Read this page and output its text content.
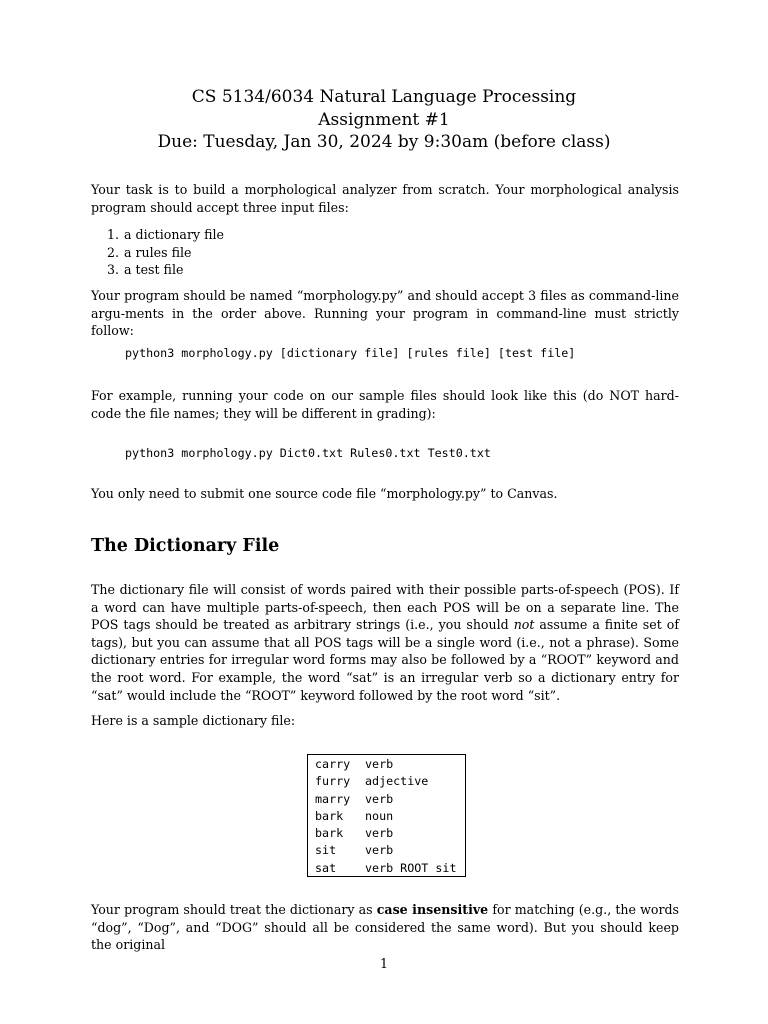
CS 5134/6034 Natural Language Processing
Assignment #1
Due: Tuesday, Jan 30, 2024 by 9:30am (before class)
Your task is to build a morphological analyzer from scratch. Your morphological analysis program should accept three input files:
1. a dictionary file
2. a rules file
3. a test file
Your program should be named “morphology.py” and should accept 3 files as command-line argu-ments in the order above. Running your program in command-line must strictly follow:
python3 morphology.py [dictionary file] [rules file] [test file]
For example, running your code on our sample files should look like this (do NOT hard-code the file names; they will be different in grading):
python3 morphology.py Dict0.txt Rules0.txt Test0.txt
You only need to submit one source code file “morphology.py” to Canvas.
The Dictionary File
The dictionary file will consist of words paired with their possible parts-of-speech (POS). If a word can have multiple parts-of-speech, then each POS will be on a separate line. The POS tags should be treated as arbitrary strings (i.e., you should not assume a finite set of tags), but you can assume that all POS tags will be a single word (i.e., not a phrase). Some dictionary entries for irregular word forms may also be followed by a “ROOT” keyword and the root word. For example, the word “sat” is an irregular verb so a dictionary entry for “sat” would include the “ROOT” keyword followed by the root word “sit”.
Here is a sample dictionary file:
carry verb
furry adjective
marry verb
bark noun
bark verb
sit verb
sat verb ROOT sit
Your program should treat the dictionary as case insensitive for matching (e.g., the words “dog”, “Dog”, and “DOG” should all be considered the same word). But you should keep the original
1
